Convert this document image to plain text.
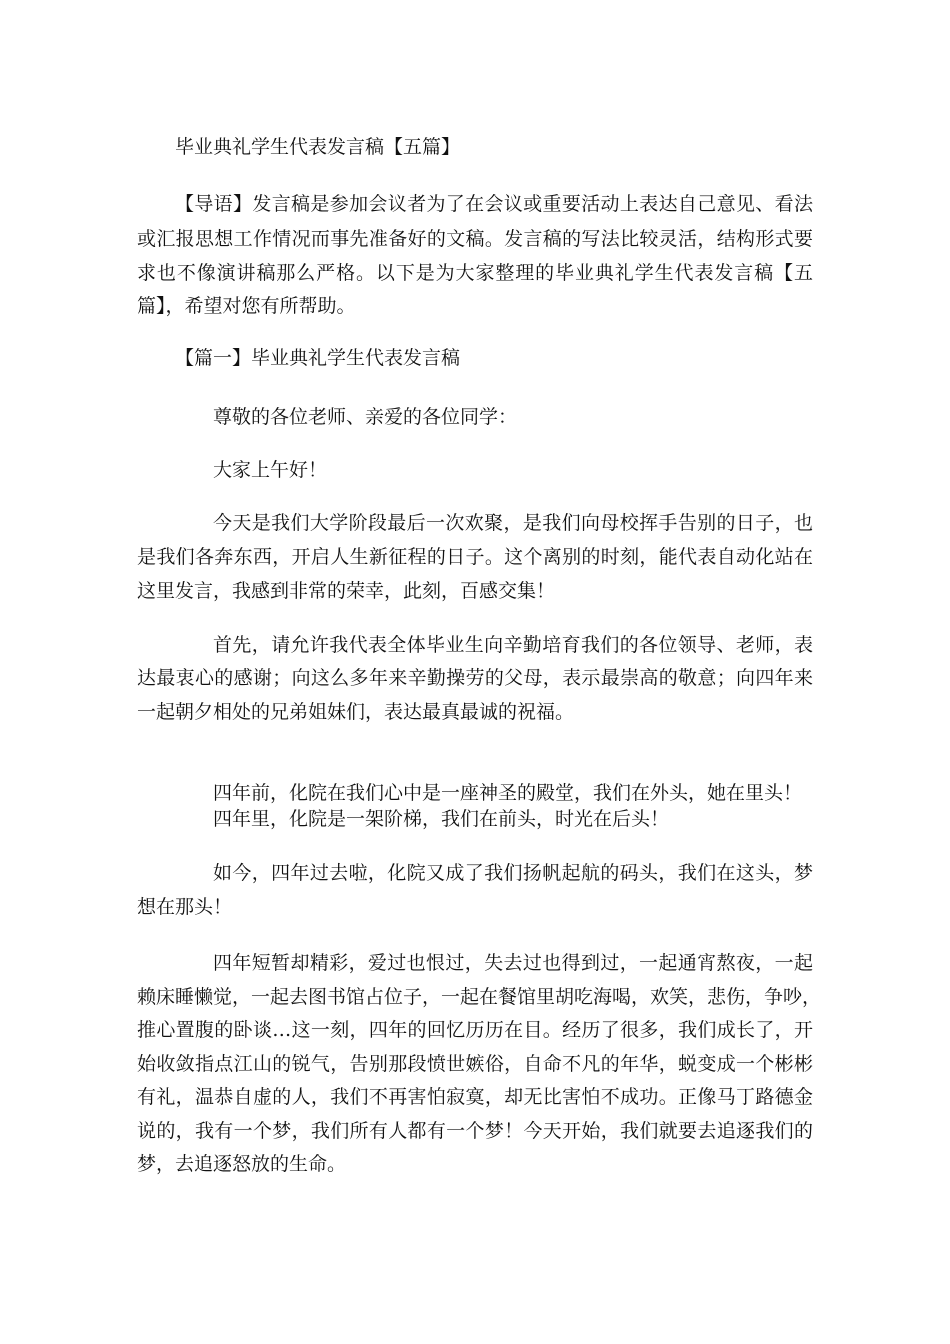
毕业典礼学生代表发言稿【五篇】
【导语】发言稿是参加会议者为了在会议或重要活动上表达自己意见、看法
或汇报思想工作情况而事先准备好的文稿。发言稿的写法比较灵活，结构形式要
求也不像演讲稿那么严格。以下是为大家整理的毕业典礼学生代表发言稿【五
篇】，希望对您有所帮助。
【篇一】毕业典礼学生代表发言稿
尊敬的各位老师、亲爱的各位同学：
大家上午好！
今天是我们大学阶段最后一次欢聚，是我们向母校挥手告别的日子，也
是我们各奔东西，开启人生新征程的日子。这个离别的时刻，能代表自动化站在
这里发言，我感到非常的荣幸，此刻，百感交集！
首先，请允许我代表全体毕业生向辛勤培育我们的各位领导、老师，表
达最衷心的感谢；向这么多年来辛勤操劳的父母，表示最崇高的敬意；向四年来
一起朝夕相处的兄弟姐妹们，表达最真最诚的祝福。
四年前，化院在我们心中是一座神圣的殿堂，我们在外头，她在里头！
四年里，化院是一架阶梯，我们在前头，时光在后头！
如今，四年过去啦，化院又成了我们扬帆起航的码头，我们在这头，梦
想在那头！
四年短暂却精彩，爱过也恨过，失去过也得到过，一起通宵熬夜，一起
赖床睡懒觉，一起去图书馆占位子，一起在餐馆里胡吃海喝，欢笑，悲伤，争吵，
推心置腹的卧谈…这一刻，四年的回忆历历在目。经历了很多，我们成长了，开
始收敛指点江山的锐气，告别那段愤世嫉俗，自命不凡的年华，蜕变成一个彬彬
有礼，温恭自虚的人，我们不再害怕寂寞，却无比害怕不成功。正像马丁路德金
说的，我有一个梦，我们所有人都有一个梦！今天开始，我们就要去追逐我们的
梦，去追逐怒放的生命。
